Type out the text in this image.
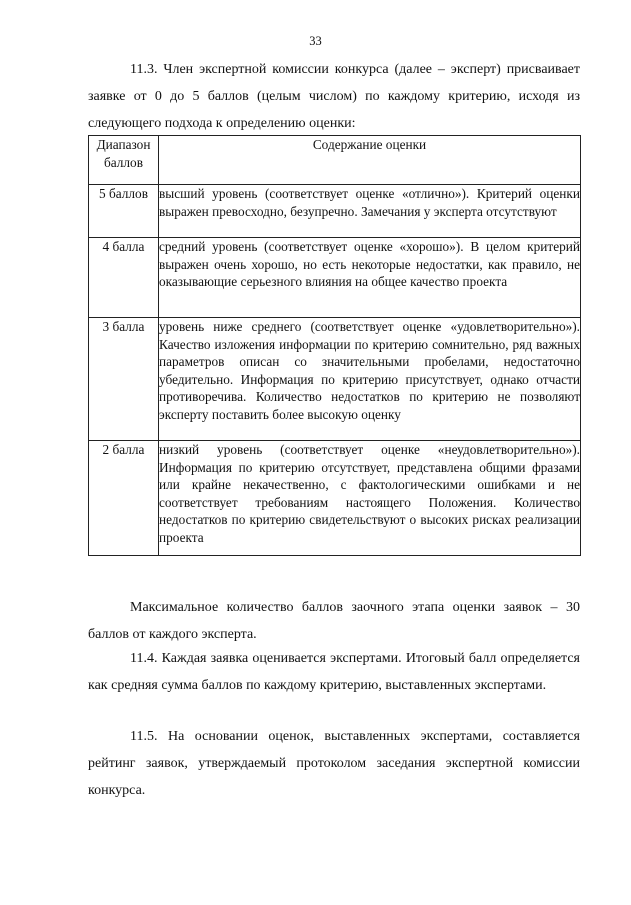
33

11.3. Член экспертной комиссии конкурса (далее – эксперт) присваивает заявке от 0 до 5 баллов (целым числом) по каждому критерию, исходя из следующего подхода к определению оценки:

Диапазон
баллов	Содержание оценки
5 баллов	высший уровень (соответствует оценке «отлично»). Критерий оценки выражен превосходно, безупречно. Замечания у эксперта отсутствуют
4 балла	средний уровень (соответствует оценке «хорошо»). В целом критерий выражен очень хорошо, но есть некоторые недостатки, как правило, не оказывающие серьезного влияния на общее качество проекта
3 балла	уровень ниже среднего (соответствует оценке «удовлетворительно»). Качество изложения информации по критерию сомнительно, ряд важных параметров описан со значительными пробелами, недостаточно убедительно. Информация по критерию присутствует, однако отчасти противоречива. Количество недостатков по критерию не позволяют эксперту поставить более высокую оценку
2 балла	низкий уровень (соответствует оценке «неудовлетворительно»). Информация по критерию отсутствует, представлена общими фразами или крайне некачественно, с фактологическими ошибками и не соответствует требованиям настоящего Положения. Количество недостатков по критерию свидетельствуют о высоких рисках реализации проекта

Максимальное количество баллов заочного этапа оценки заявок – 30 баллов от каждого эксперта.

11.4. Каждая заявка оценивается экспертами. Итоговый балл определяется как средняя сумма баллов по каждому критерию, выставленных экспертами.

11.5. На основании оценок, выставленных экспертами, составляется рейтинг заявок, утверждаемый протоколом заседания экспертной комиссии конкурса.
